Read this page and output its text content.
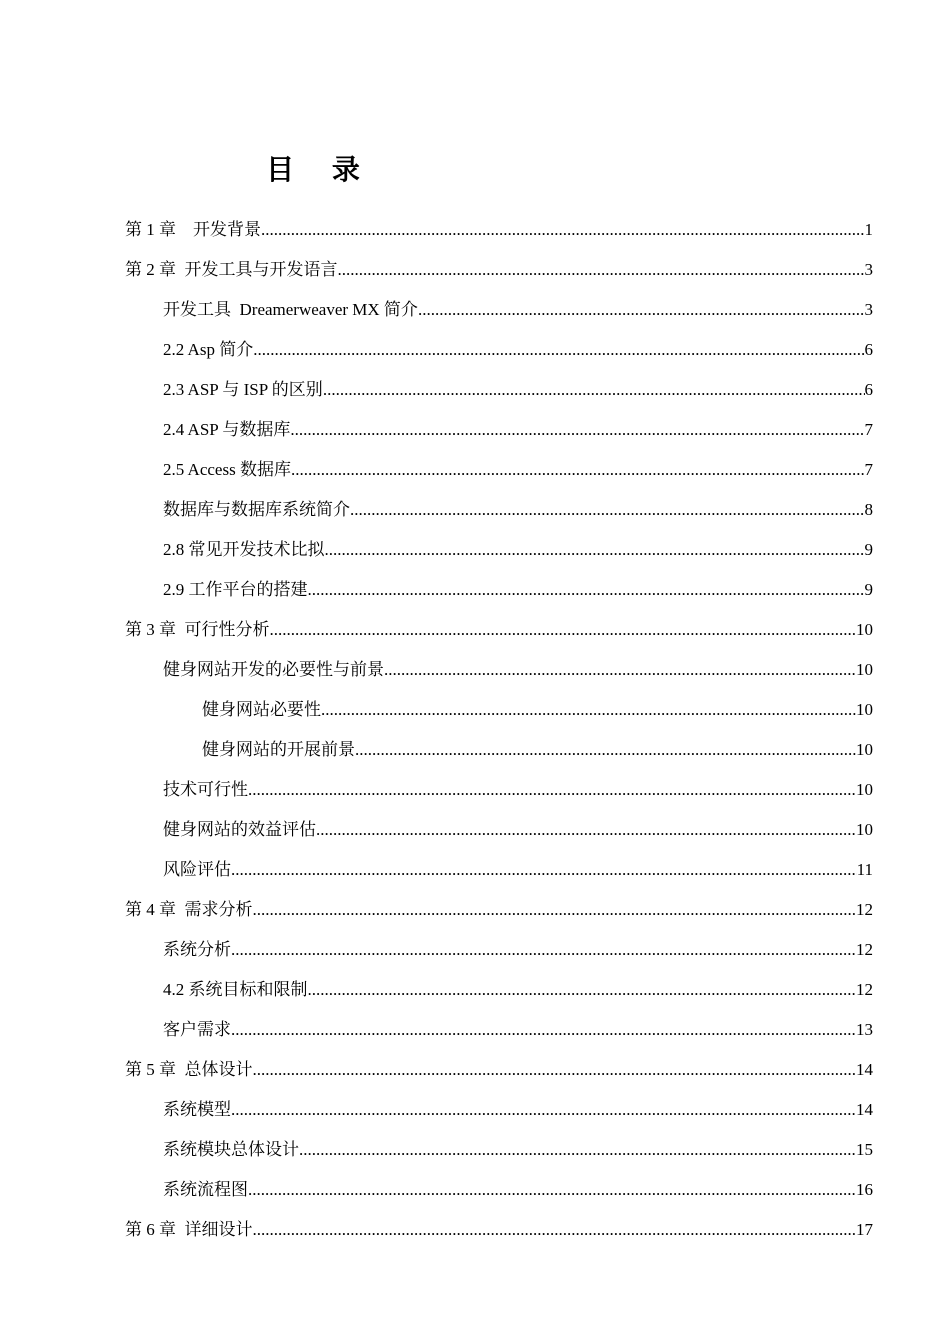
目 录
第 1 章    开发背景 .....	1
第 2 章  开发工具与开发语言 .....	3
开发工具  Dreamerweaver MX 简介 .....	3
2.2 Asp 简介 .....	6
2.3 ASP 与 ISP 的区别 .....	6
2.4 ASP 与数据库 .....	7
2.5 Access 数据库 .....	7
数据库与数据库系统简介 .....	8
2.8 常见开发技术比拟 .....	9
2.9 工作平台的搭建 .....	9
第 3 章  可行性分析 .....	10
健身网站开发的必要性与前景 .....	10
健身网站必要性 .....	10
健身网站的开展前景 .....	10
技术可行性 .....	10
健身网站的效益评估 .....	10
风险评估 .....	11
第 4 章  需求分析 .....	12
系统分析 .....	12
4.2 系统目标和限制 .....	12
客户需求 .....	13
第 5 章  总体设计 .....	14
系统模型 .....	14
系统模块总体设计 .....	15
系统流程图 .....	16
第 6 章  详细设计 .....	17
